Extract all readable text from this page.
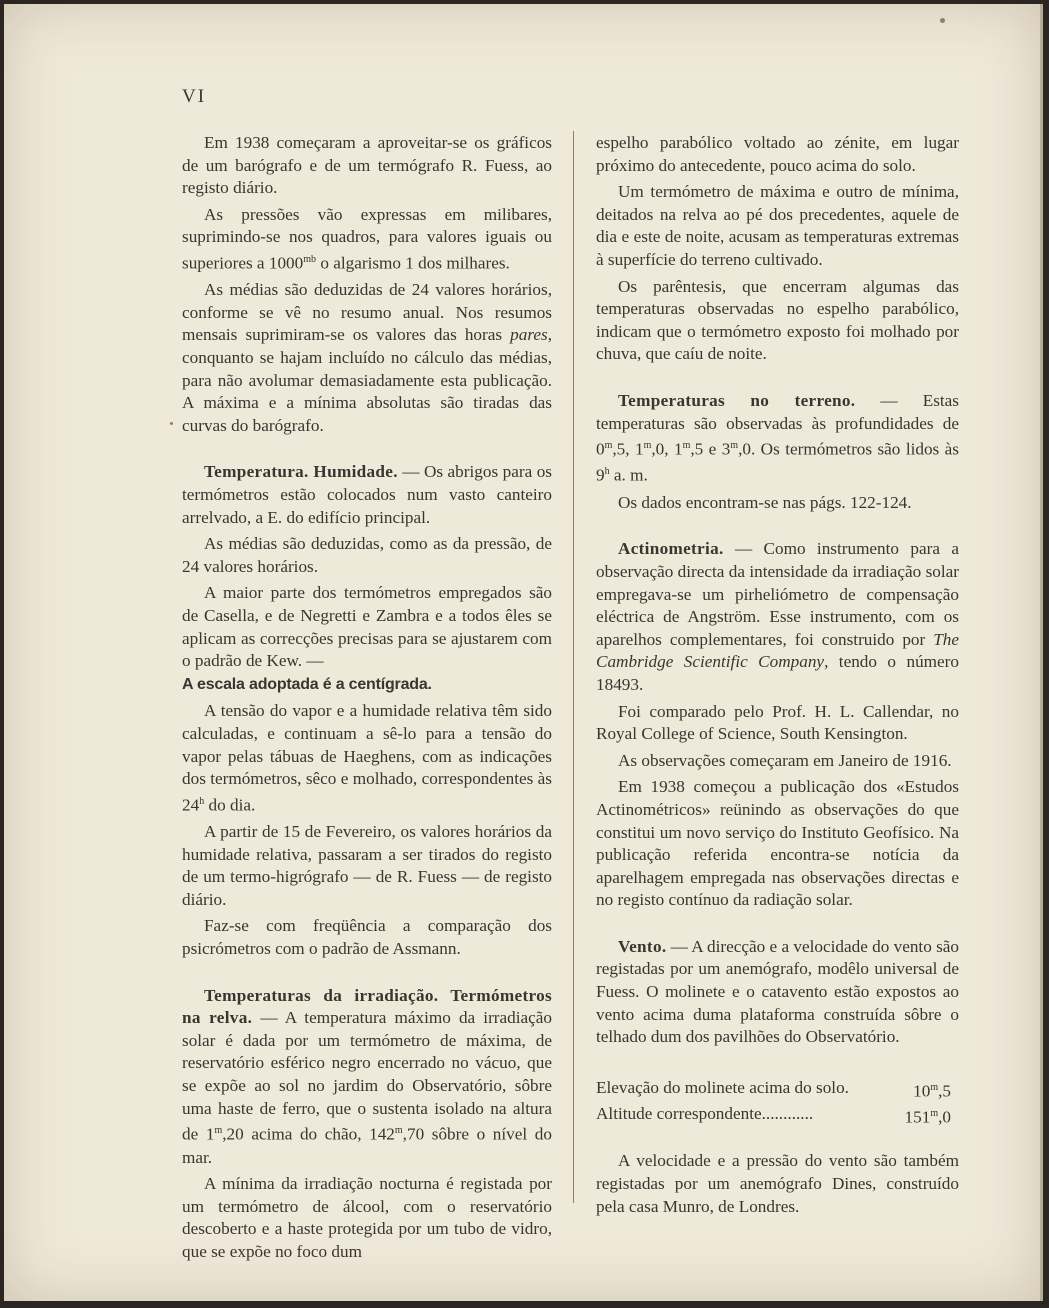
VI

Em 1938 começaram a aproveitar-se os gráficos de um barógrafo e de um termógrafo R. Fuess, ao registo diário.

As pressões vão expressas em milibares, suprimindo-se nos quadros, para valores iguais ou superiores a $1000^{mb}$ o algarismo 1 dos milhares.

As médias são deduzidas de 24 valores horários, conforme se vê no resumo anual. Nos resumos mensais suprimiram-se os valores das horas pares, conquanto se hajam incluído no cálculo das médias, para não avolumar demasiadamente esta publicação. A máxima e a mínima absolutas são tiradas das curvas do barógrafo.

Temperatura. Humidade. — Os abrigos para os termómetros estão colocados num vasto canteiro arrelvado, a E. do edifício principal.

As médias são deduzidas, como as da pressão, de 24 valores horários.

A maior parte dos termómetros empregados são de Casella, e de Negretti e Zambra e a todos êles se aplicam as correcções precisas para se ajustarem com o padrão de Kew. —

A escala adoptada é a centígrada.

A tensão do vapor e a humidade relativa têm sido calculadas, e continuam a sê-lo para a tensão do vapor pelas tábuas de Haeghens, com as indicações dos termómetros, sêco e molhado, correspondentes às 24$^h$ do dia.

A partir de 15 de Fevereiro, os valores horários da humidade relativa, passaram a ser tirados do registo de um termo-higrógrafo — de R. Fuess — de registo diário.

Faz-se com freqüência a comparação dos psicrómetros com o padrão de Assmann.

Temperaturas da irradiação. Termómetros na relva. — A temperatura máximo da irradiação solar é dada por um termómetro de máxima, de reservatório esférico negro encerrado no vácuo, que se expõe ao sol no jardim do Observatório, sôbre uma haste de ferro, que o sustenta isolado na altura de 1$^m$,20 acima do chão, 142$^m$,70 sôbre o nível do mar.

A mínima da irradiação nocturna é registada por um termómetro de álcool, com o reservatório descoberto e a haste protegida por um tubo de vidro, que se expõe no foco dum

espelho parabólico voltado ao zénite, em lugar próximo do antecedente, pouco acima do solo.

Um termómetro de máxima e outro de mínima, deitados na relva ao pé dos precedentes, aquele de dia e este de noite, acusam as temperaturas extremas à superfície do terreno cultivado.

Os parêntesis, que encerram algumas das temperaturas observadas no espelho parabólico, indicam que o termómetro exposto foi molhado por chuva, que caíu de noite.

Temperaturas no terreno. — Estas temperaturas são observadas às profundidades de 0$^m$,5, 1$^m$,0, 1$^m$,5 e 3$^m$,0. Os termómetros são lidos às 9$^h$ a. m.

Os dados encontram-se nas págs. 122-124.

Actinometria. — Como instrumento para a observação directa da intensidade da irradiação solar empregava-se um pirheliómetro de compensação eléctrica de Angström. Esse instrumento, com os aparelhos complementares, foi construido por The Cambridge Scientific Company, tendo o número 18493.

Foi comparado pelo Prof. H. L. Callendar, no Royal College of Science, South Kensington.

As observações começaram em Janeiro de 1916.

Em 1938 começou a publicação dos «Estudos Actinométricos» reünindo as observações do que constitui um novo serviço do Instituto Geofísico. Na publicação referida encontra-se notícia da aparelhagem empregada nas observações directas e no registo contínuo da radiação solar.

Vento. — A direcção e a velocidade do vento são registadas por um anemógrafo, modêlo universal de Fuess. O molinete e o catavento estão expostos ao vento acima duma plataforma construída sôbre o telhado dum dos pavilhões do Observatório.

Elevação do molinete acima do solo.	10$^m$,5
Altitude correspondente............	151$^m$,0

A velocidade e a pressão do vento são também registadas por um anemógrafo Dines, construído pela casa Munro, de Londres.
